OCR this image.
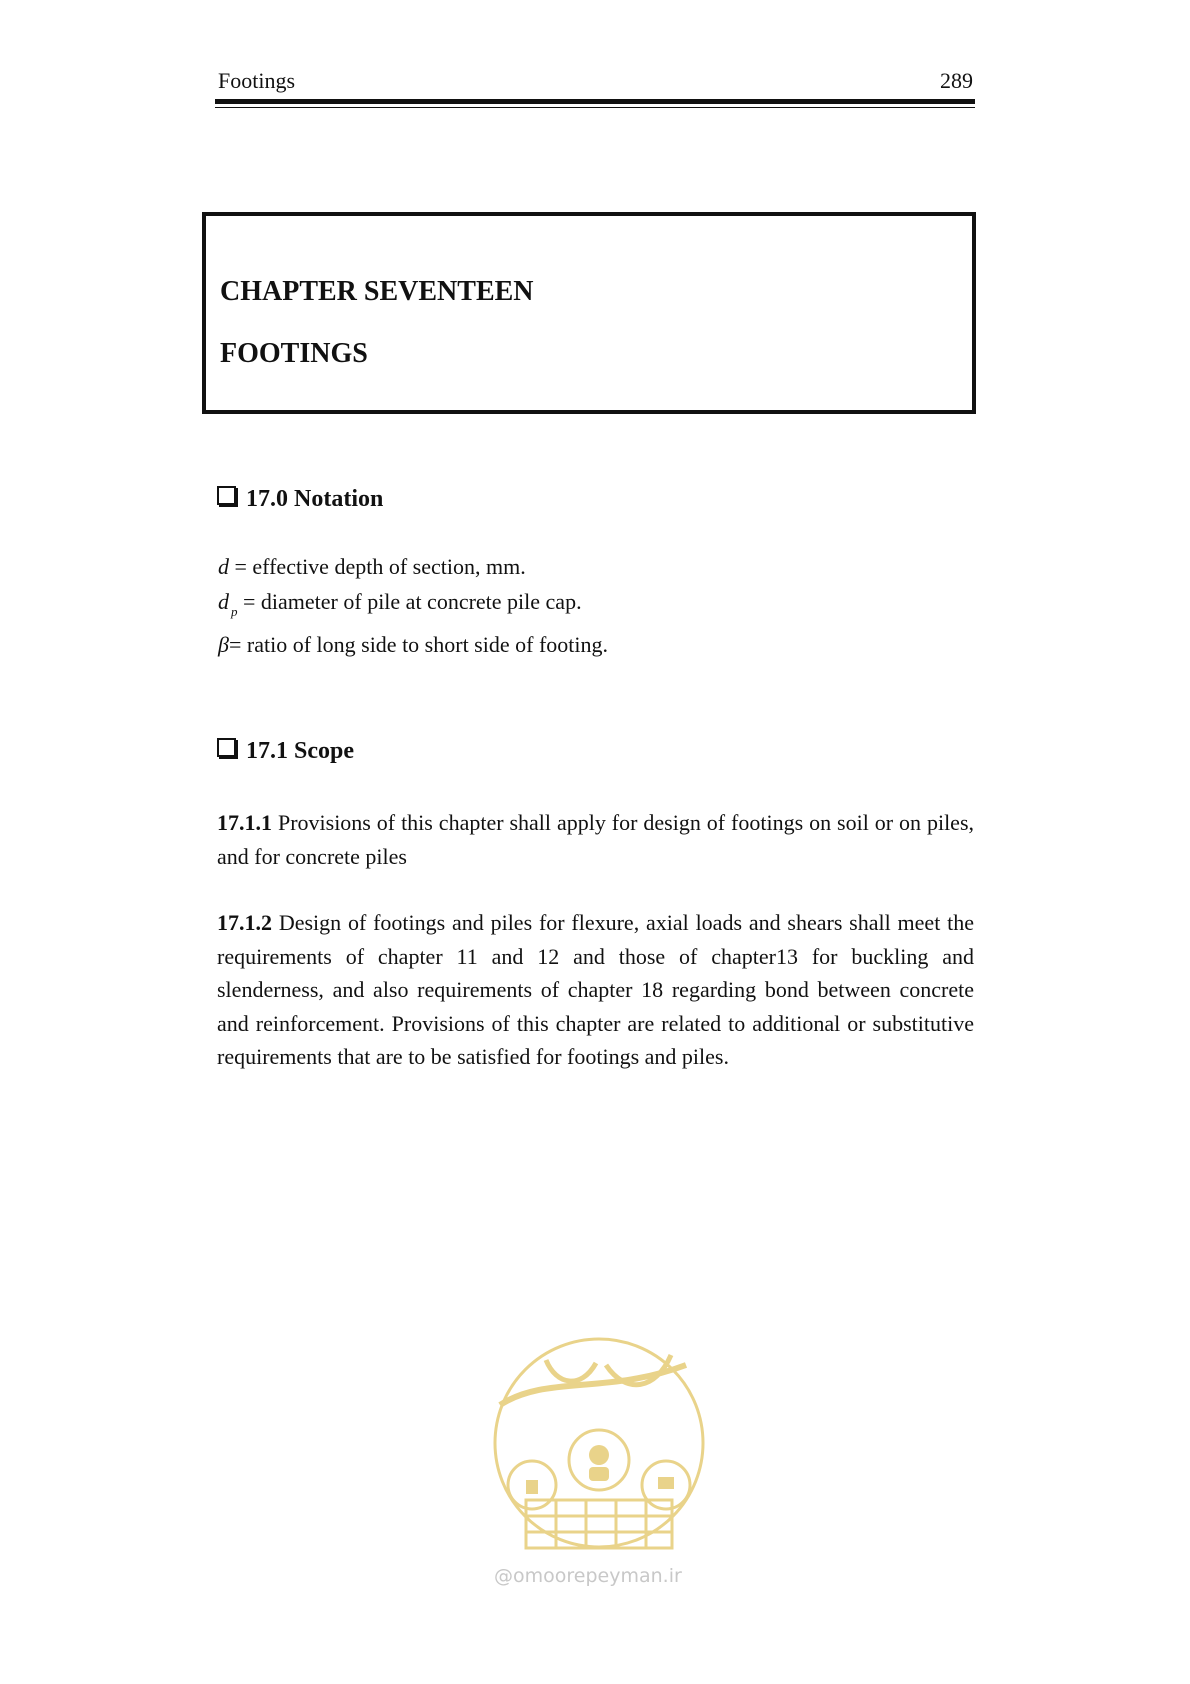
Footings	289
CHAPTER SEVENTEEN
FOOTINGS
17.0 Notation
d = effective depth of section, mm.
d $_p$ = diameter of pile at concrete pile cap.
β= ratio of long side to short side of footing.
17.1 Scope
17.1.1 Provisions of this chapter shall apply for design of footings on soil or on piles, and for concrete piles
17.1.2 Design of footings and piles for flexure, axial loads and shears shall meet the requirements of chapter 11 and 12 and those of chapter13 for buckling and slenderness, and also requirements of chapter 18 regarding bond between concrete and reinforcement. Provisions of this chapter are related to additional or substitutive requirements that are to be satisfied for footings and piles.
@omoorepeyman.ir
